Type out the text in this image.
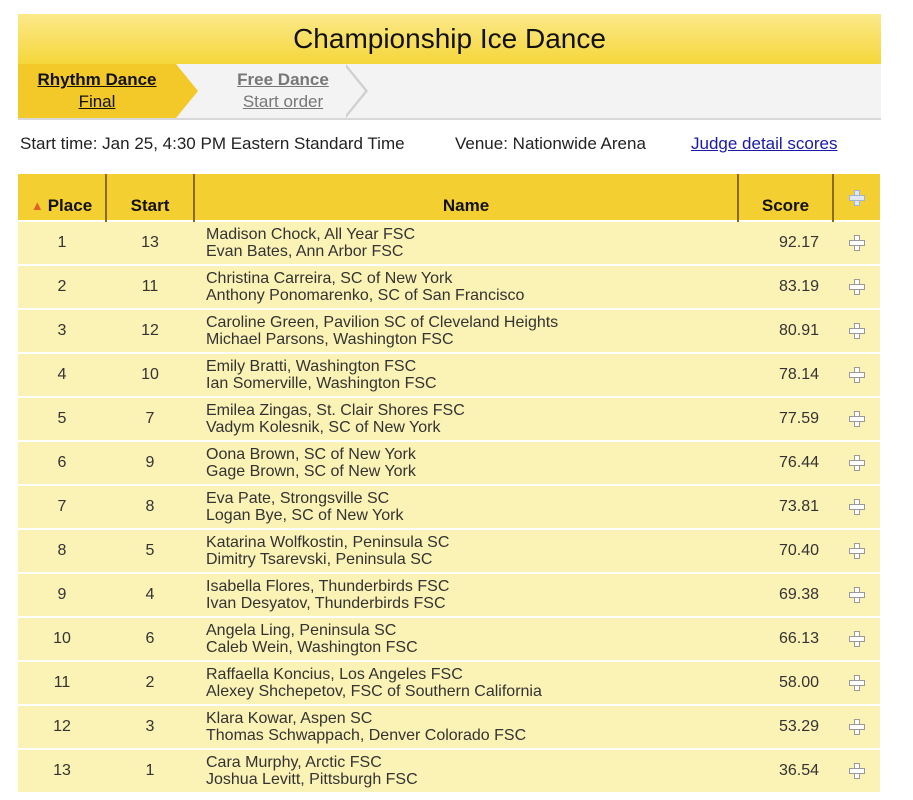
Championship Ice Dance
Rhythm Dance
Final
Free Dance
Start order
Start time: Jan 25, 4:30 PM Eastern Standard Time	Venue: Nationwide Arena	Judge detail scores
▲ Place	Start	Name	Score	
1	13	Madison Chock, All Year FSC
Evan Bates, Ann Arbor FSC	92.17	
2	11	Christina Carreira, SC of New York
Anthony Ponomarenko, SC of San Francisco	83.19	
3	12	Caroline Green, Pavilion SC of Cleveland Heights
Michael Parsons, Washington FSC	80.91	
4	10	Emily Bratti, Washington FSC
Ian Somerville, Washington FSC	78.14	
5	7	Emilea Zingas, St. Clair Shores FSC
Vadym Kolesnik, SC of New York	77.59	
6	9	Oona Brown, SC of New York
Gage Brown, SC of New York	76.44	
7	8	Eva Pate, Strongsville SC
Logan Bye, SC of New York	73.81	
8	5	Katarina Wolfkostin, Peninsula SC
Dimitry Tsarevski, Peninsula SC	70.40	
9	4	Isabella Flores, Thunderbirds FSC
Ivan Desyatov, Thunderbirds FSC	69.38	
10	6	Angela Ling, Peninsula SC
Caleb Wein, Washington FSC	66.13	
11	2	Raffaella Koncius, Los Angeles FSC
Alexey Shchepetov, FSC of Southern California	58.00	
12	3	Klara Kowar, Aspen SC
Thomas Schwappach, Denver Colorado FSC	53.29	
13	1	Cara Murphy, Arctic FSC
Joshua Levitt, Pittsburgh FSC	36.54	
